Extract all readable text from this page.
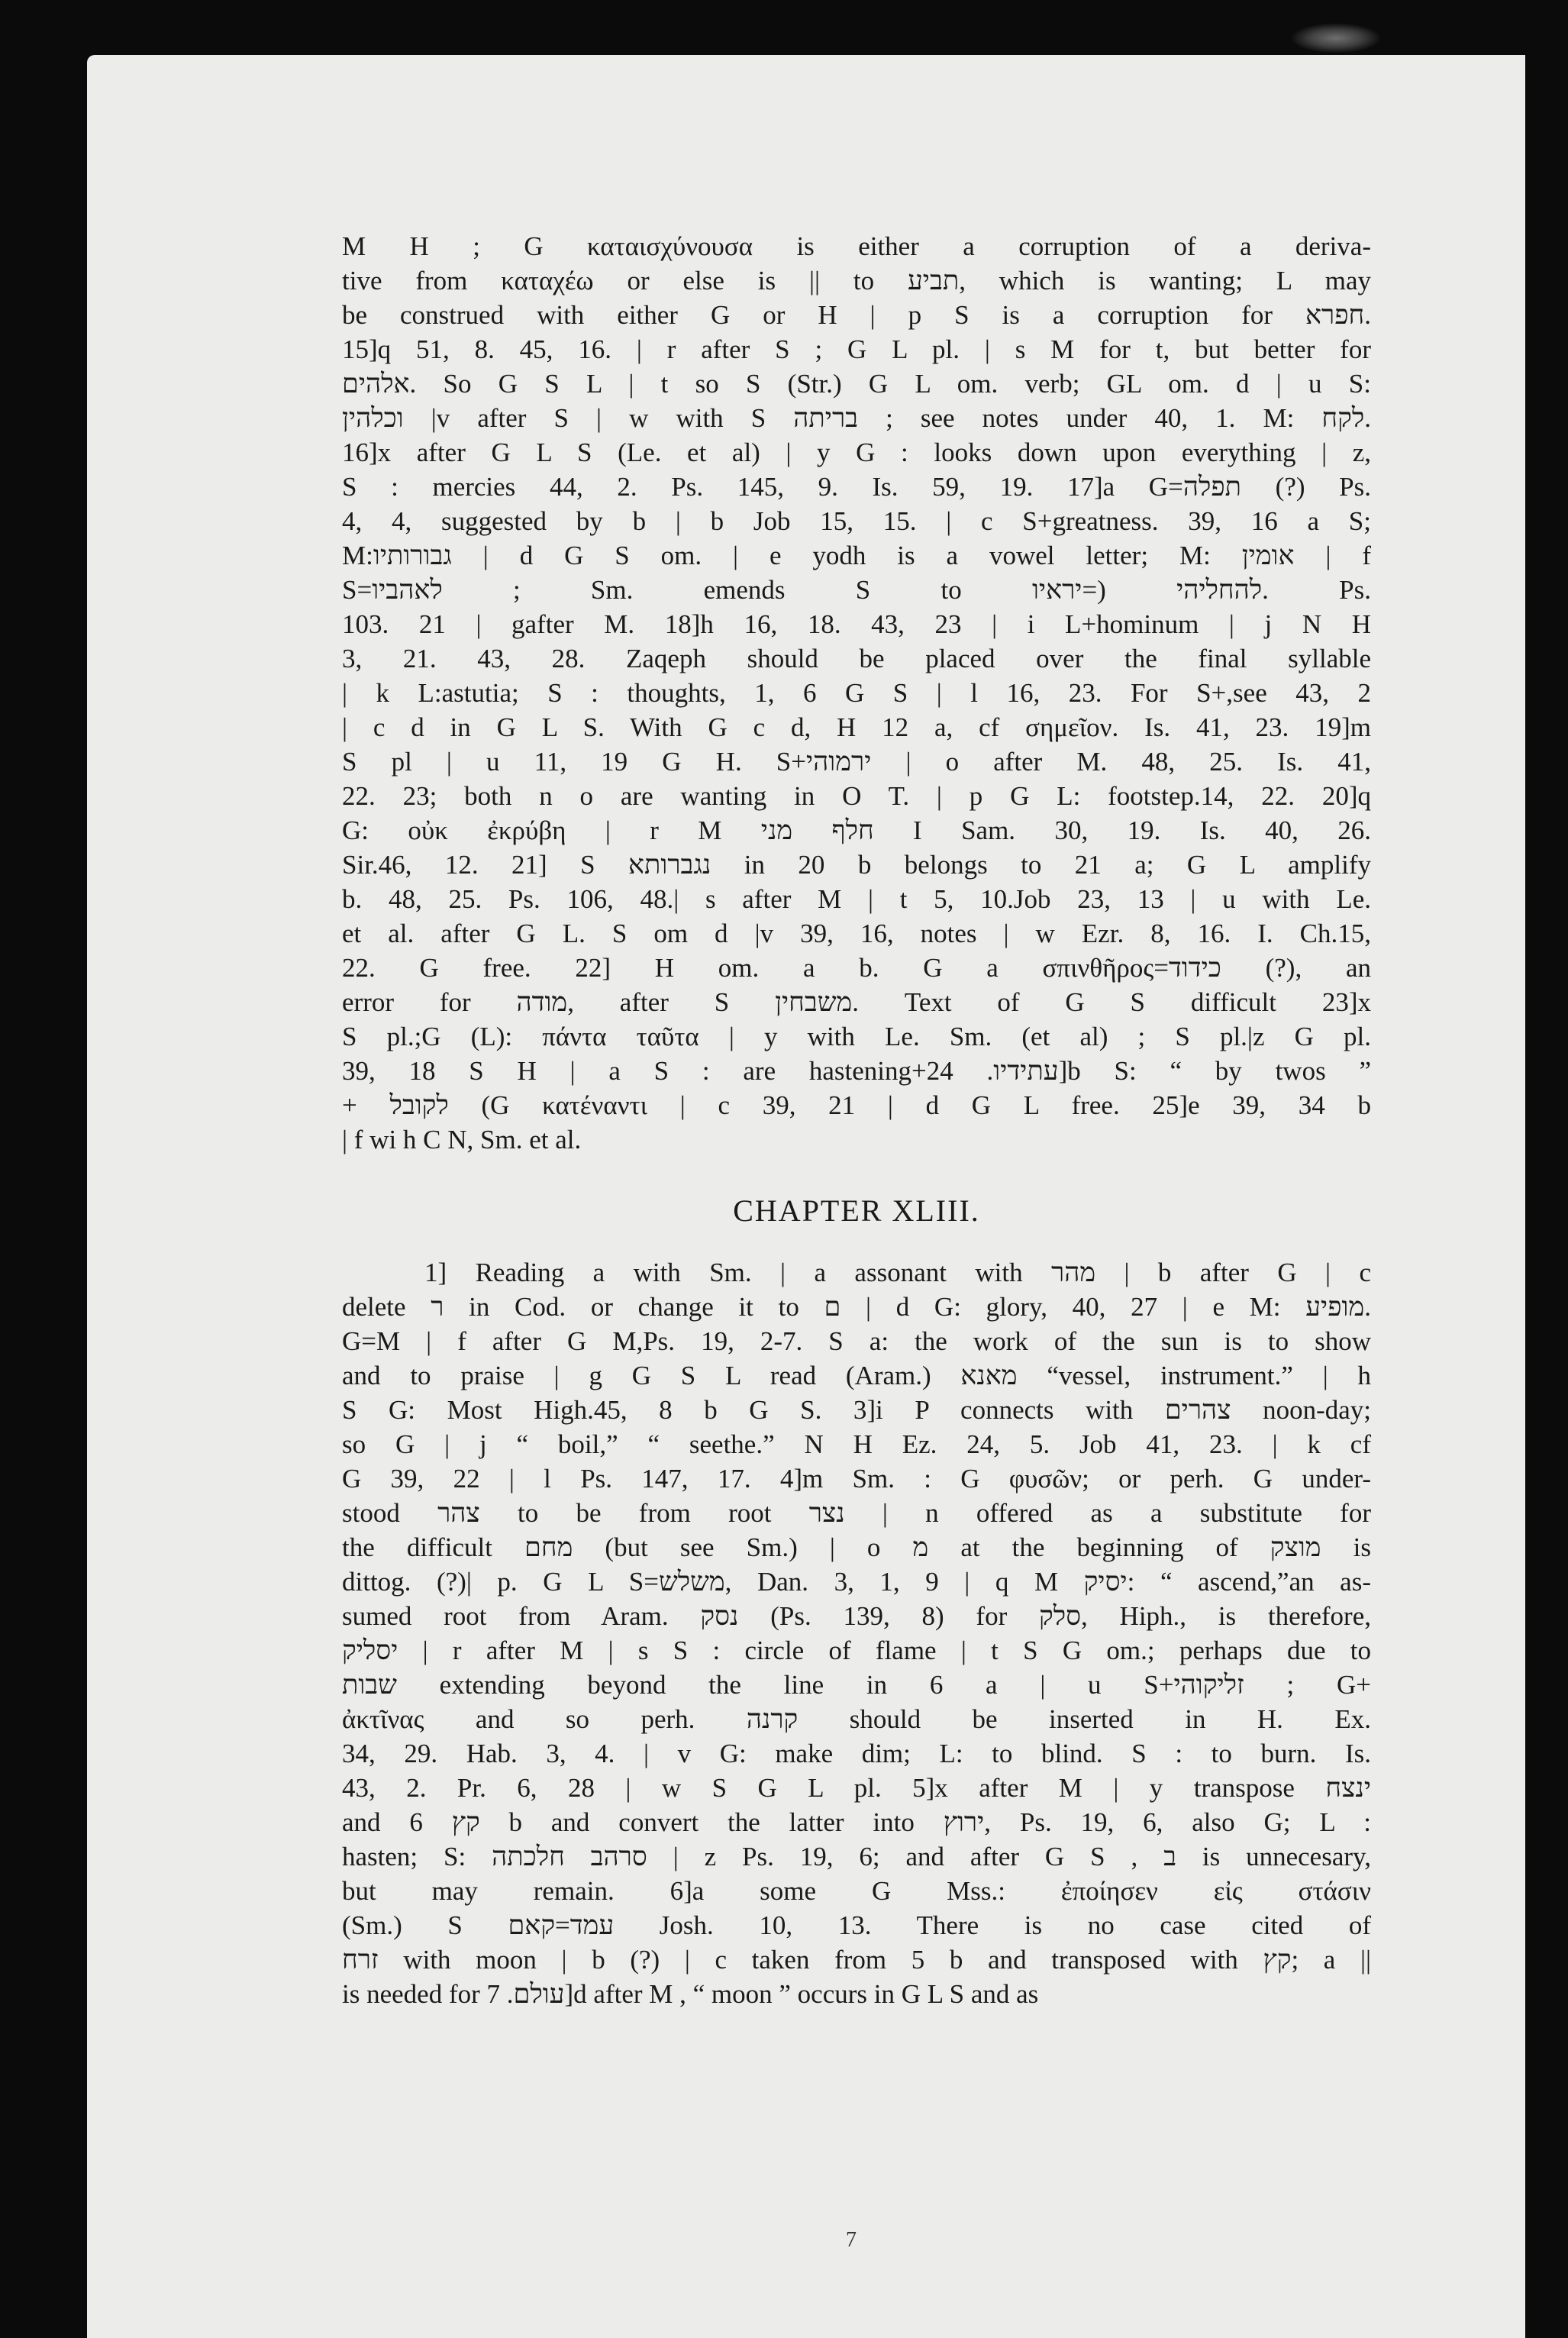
M H ; G καταισχύνουσα is either a corruption of a deriva-
tive from καταχέω or else is || to תביע, which is wanting; L may
be construed with either G or H | p S is a corruption for חפרא.
15]q 51, 8. 45, 16. | r after S ; G L pl. | s M for t, but better for
אלהים. So G S L | t so S (Str.) G L om. verb; GL om. d | u S:
וכלהין |v after S | w with S בריתה ; see notes under 40, 1. M: לקח.
16]x after G L S (Le. et al) | y G : looks down upon everything | z,
S : mercies 44, 2. Ps. 145, 9. Is. 59, 19. 17]a G=תפלה (?) Ps.
4, 4, suggested by b | b Job 15, 15. | c S+greatness. 39, 16 a S;
M:גבורותיו | d G S om. | e yodh is a vowel letter; M: אומין | f
S=לאהביו ; Sm. emends S to להחליהי (=יראיו. Ps.
103. 21 | gafter M. 18]h 16, 18. 43, 23 | i L+hominum | j N H
3, 21. 43, 28. Zaqeph should be placed over the final syllable
| k L:astutia; S : thoughts, 1, 6 G S | l 16, 23. For S+,see 43, 2
| c d in G L S. With G c d, H 12 a, cf σημεῖον. Is. 41, 23. 19]m
S pl | u 11, 19 G H. S+ירמוהי | o after M. 48, 25. Is. 41,
22. 23; both n o are wanting in O T. | p G L: footstep.14, 22. 20]q
G: οὐκ ἐκρύβη | r M חלף מני I Sam. 30, 19. Is. 40, 26.
Sir.46, 12. 21] S נגברותא in 20 b belongs to 21 a; G L amplify
b. 48, 25. Ps. 106, 48.| s after M | t 5, 10.Job 23, 13 | u with Le.
et al. after G L. S om d |v 39, 16, notes | w Ezr. 8, 16. I. Ch.15,
22. G free. 22] H om. a b. G a σπινθῆρος=כידוד (?), an
error for מודה, after S משבחין. Text of G S difficult 23]x
S pl.;G (L): πάντα ταῦτα | y with Le. Sm. (et al) ; S pl.|z G pl.
39, 18 S H | a S : are hastening+עתידיו. 24]b S: “ by twos ”
+ לקובל (G κατέναντι | c 39, 21 | d G L free. 25]e 39, 34 b
| f wi h C N, Sm. et al.
CHAPTER XLIII.
1] Reading a with Sm. | a assonant with מהר | b after G | c
delete ר in Cod. or change it to ם | d G: glory, 40, 27 | e M: מופיע.
G=M | f after G M,Ps. 19, 2-7. S a: the work of the sun is to show
and to praise | g G S L read (Aram.) מאנא “vessel, instrument.” | h
S G: Most High.45, 8 b G S. 3]i P connects with צהרים noon-day;
so G | j “ boil,” “ seethe.” N H Ez. 24, 5. Job 41, 23. | k cf
G 39, 22 | l Ps. 147, 17. 4]m Sm. : G φυσῶν; or perh. G under-
stood צהר to be from root נצר | n offered as a substitute for
the difficult מחם (but see Sm.) | o מ at the beginning of מוצק is
dittog. (?)| p. G L S=משלש, Dan. 3, 1, 9 | q M יסיק: “ ascend,”an as-
sumed root from Aram. נסק (Ps. 139, 8) for סלק, Hiph., is therefore,
יסליק | r after M | s S : circle of flame | t S G om.; perhaps due to
שבות extending beyond the line in 6 a | u S+זליקוהי ; G+
ἀκτῖνας and so perh. קרנה should be inserted in H. Ex.
34, 29. Hab. 3, 4. | v G: make dim; L: to blind. S : to burn. Is.
43, 2. Pr. 6, 28 | w S G L pl. 5]x after M | y transpose ינצח
and קץ 6 b and convert the latter into ירוץ, Ps. 19, 6, also G; L :
hasten; S: סרהב חלכתה | z Ps. 19, 6; and after G S , ב is unnecesary,
but may remain. 6]a some G Mss.: ἐποίησεν εἰς στάσιν
(Sm.) S עמד=קאם Josh. 10, 13. There is no case cited of
זרח with moon | b (?) | c taken from 5 b and transposed with קץ; a ||
is needed for עולם. 7]d after M , “ moon ” occurs in G L S and as
7
